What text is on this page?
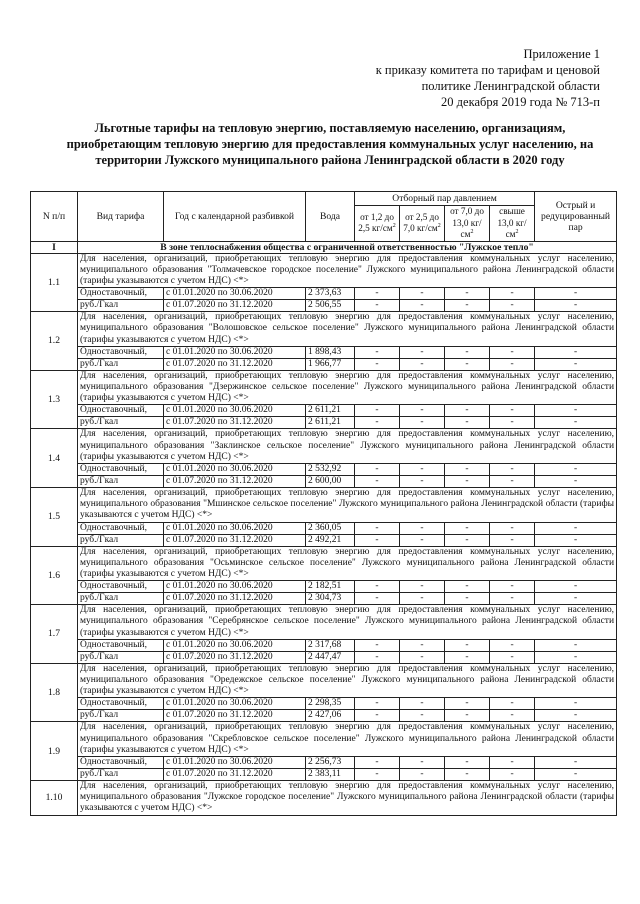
Приложение 1
к приказу комитета по тарифам и ценовой
политике Ленинградской области
20 декабря 2019 года № 713-п
Льготные тарифы на тепловую энергию, поставляемую населению, организациям,
приобретающим тепловую энергию для предоставления коммунальных услуг населению, на
территории Лужского муниципального района Ленинградской области в 2020 году
N п/п	Вид тарифа	Год с календарной разбивкой	Вода	Отборный пар давлением				Острый и редуцированный пар
				от 1,2 до 2,5 $кг/см^2$	от 2,5 до 7,0 $кг/см^2$	от 7,0 до 13,0 $кг/см^2$	свыше 13,0 $кг/см^2$
I	В зоне теплоснабжения общества с ограниченной ответственностью "Лужское тепло"							
1.1	Для населения, организаций, приобретающих тепловую энергию для предоставления коммунальных услуг населению, муниципального образования "Толмачевское городское поселение" Лужского муниципального района Ленинградской области (тарифы указываются с учетом НДС) <*>							
	Одноставочный,	с 01.01.2020 по 30.06.2020	2 373,63	-	-	-	-	-
	руб./Гкал	с 01.07.2020 по 31.12.2020	2 506,55	-	-	-	-	-
1.2	Для населения, организаций, приобретающих тепловую энергию для предоставления коммунальных услуг населению, муниципального образования "Волошовское сельское поселение" Лужского муниципального района Ленинградской области (тарифы указываются с учетом НДС) <*>							
	Одноставочный,	с 01.01.2020 по 30.06.2020	1 898,43	-	-	-	-	-
	руб./Гкал	с 01.07.2020 по 31.12.2020	1 966,77	-	-	-	-	-
1.3	Для населения, организаций, приобретающих тепловую энергию для предоставления коммунальных услуг населению, муниципального образования "Дзержинское сельское поселение" Лужского муниципального района Ленинградской области (тарифы указываются с учетом НДС) <*>							
	Одноставочный,	с 01.01.2020 по 30.06.2020	2 611,21	-	-	-	-	-
	руб./Гкал	с 01.07.2020 по 31.12.2020	2 611,21	-	-	-	-	-
1.4	Для населения, организаций, приобретающих тепловую энергию для предоставления коммунальных услуг населению, муниципального образования "Заклинское сельское поселение" Лужского муниципального района Ленинградской области (тарифы указываются с учетом НДС) <*>							
	Одноставочный,	с 01.01.2020 по 30.06.2020	2 532,92	-	-	-	-	-
	руб./Гкал	с 01.07.2020 по 31.12.2020	2 600,00	-	-	-	-	-
1.5	Для населения, организаций, приобретающих тепловую энергию для предоставления коммунальных услуг населению, муниципального образования "Мшинское сельское поселение" Лужского муниципального района Ленинградской области (тарифы указываются с учетом НДС) <*>							
	Одноставочный,	с 01.01.2020 по 30.06.2020	2 360,05	-	-	-	-	-
	руб./Гкал	с 01.07.2020 по 31.12.2020	2 492,21	-	-	-	-	-
1.6	Для населения, организаций, приобретающих тепловую энергию для предоставления коммунальных услуг населению, муниципального образования "Осьминское сельское поселение" Лужского муниципального района Ленинградской области (тарифы указываются с учетом НДС) <*>							
	Одноставочный,	с 01.01.2020 по 30.06.2020	2 182,51	-	-	-	-	-
	руб./Гкал	с 01.07.2020 по 31.12.2020	2 304,73	-	-	-	-	-
1.7	Для населения, организаций, приобретающих тепловую энергию для предоставления коммунальных услуг населению, муниципального образования "Серебрянское сельское поселение" Лужского муниципального района Ленинградской области (тарифы указываются с учетом НДС) <*>							
	Одноставочный,	с 01.01.2020 по 30.06.2020	2 317,68	-	-	-	-	-
	руб./Гкал	с 01.07.2020 по 31.12.2020	2 447,47	-	-	-	-	-
1.8	Для населения, организаций, приобретающих тепловую энергию для предоставления коммунальных услуг населению, муниципального образования "Оредежское сельское поселение" Лужского муниципального района Ленинградской области (тарифы указываются с учетом НДС) <*>							
	Одноставочный,	с 01.01.2020 по 30.06.2020	2 298,35	-	-	-	-	-
	руб./Гкал	с 01.07.2020 по 31.12.2020	2 427,06	-	-	-	-	-
1.9	Для населения, организаций, приобретающих тепловую энергию для предоставления коммунальных услуг населению, муниципального образования "Скребловское сельское поселение" Лужского муниципального района Ленинградской области (тарифы указываются с учетом НДС) <*>							
	Одноставочный,	с 01.01.2020 по 30.06.2020	2 256,73	-	-	-	-	-
	руб./Гкал	с 01.07.2020 по 31.12.2020	2 383,11	-	-	-	-	-
1.10	Для населения, организаций, приобретающих тепловую энергию для предоставления коммунальных услуг населению, муниципального образования "Лужское городское поселение" Лужского муниципального района Ленинградской области (тарифы указываются с учетом НДС) <*>							
